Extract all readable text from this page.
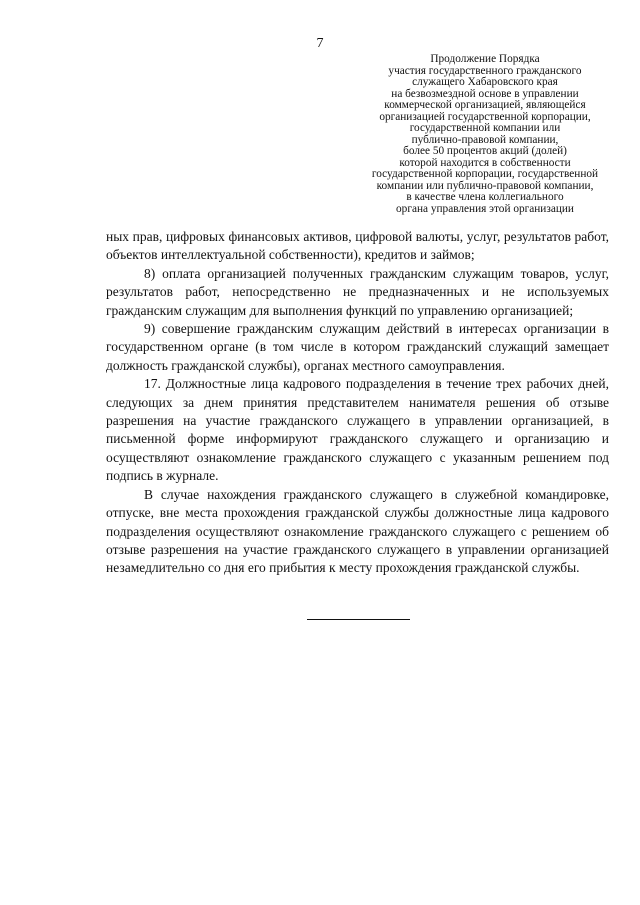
7
Продолжение Порядка
участия государственного гражданского
служащего Хабаровского края
на безвозмездной основе в управлении
коммерческой организацией, являющейся
организацией государственной корпорации,
государственной компании или
публично-правовой компании,
более 50 процентов акций (долей)
которой находится в собственности
государственной корпорации, государственной
компании или публично-правовой компании,
в качестве члена коллегиального
органа управления этой организации

ных прав, цифровых финансовых активов, цифровой валюты, услуг, результатов работ, объектов интеллектуальной собственности), кредитов и займов;

8) оплата организацией полученных гражданским служащим товаров, услуг, результатов работ, непосредственно не предназначенных и не используемых гражданским служащим для выполнения функций по управлению организацией;

9) совершение гражданским служащим действий в интересах организации в государственном органе (в том числе в котором гражданский служащий замещает должность гражданской службы), органах местного самоуправления.

17. Должностные лица кадрового подразделения в течение трех рабочих дней, следующих за днем принятия представителем нанимателя решения об отзыве разрешения на участие гражданского служащего в управлении организацией, в письменной форме информируют гражданского служащего и организацию и осуществляют ознакомление гражданского служащего с указанным решением под подпись в журнале.

В случае нахождения гражданского служащего в служебной командировке, отпуске, вне места прохождения гражданской службы должностные лица кадрового подразделения осуществляют ознакомление гражданского служащего с решением об отзыве разрешения на участие гражданского служащего в управлении организацией незамедлительно со дня его прибытия к месту прохождения гражданской службы.
